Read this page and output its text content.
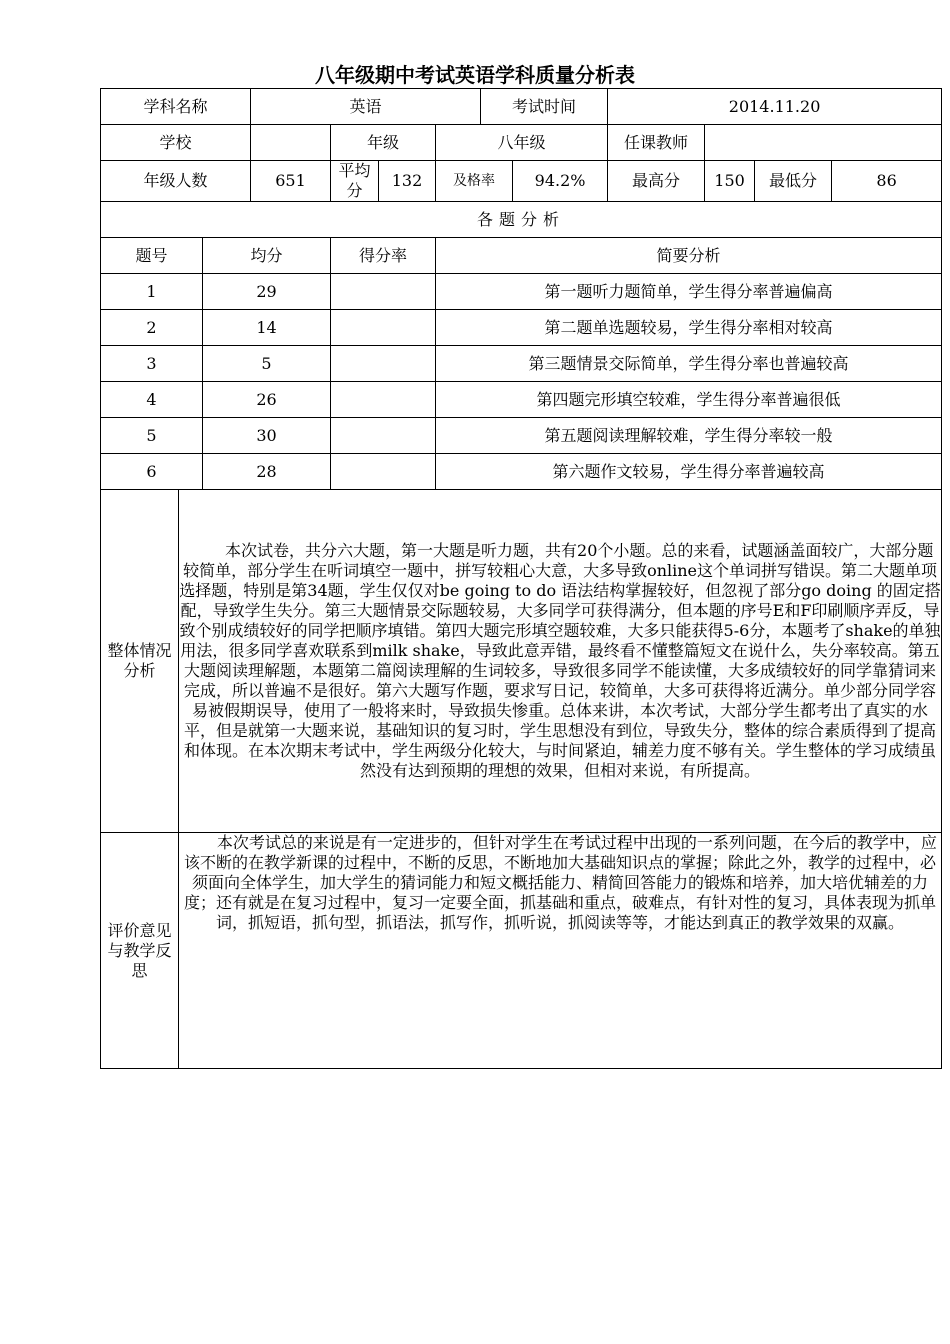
八年级期中考试英语学科质量分析表
学科名称			英语				考试时间		2014.11.20			
学校				年级		八年级			任课教师			
年级人数			651	平均分	132	及格率		94.2%	最高分	150	最低分	86
各题分析												
题号		均分		得分率		简要分析						
1		29				第一题听力题简单，学生得分率普遍偏高						
2		14				第二题单选题较易，学生得分率相对较高						
3		5				第三题情景交际简单，学生得分率也普遍较高						
4		26				第四题完形填空较难，学生得分率普遍很低						
5		30				第五题阅读理解较难，学生得分率较一般						
6		28				第六题作文较易，学生得分率普遍较高						
整体情况分析	本次试卷，共分六大题，第一大题是听力题，共有20个小题。总的来看，试题涵盖面较广，大部分题较简单，部分学生在听词填空一题中，拼写较粗心大意，大多导致online这个单词拼写错误。第二大题单项选择题，特别是第34题，学生仅仅对be going to do 语法结构掌握较好，但忽视了部分go doing 的固定搭配，导致学生失分。第三大题情景交际题较易，大多同学可获得满分，但本题的序号E和F印刷顺序弄反，导致个别成绩较好的同学把顺序填错。第四大题完形填空题较难，大多只能获得5-6分，本题考了shake的单独用法，很多同学喜欢联系到milk shake，导致此意弄错，最终看不懂整篇短文在说什么，失分率较高。第五大题阅读理解题，本题第二篇阅读理解的生词较多，导致很多同学不能读懂，大多成绩较好的同学靠猜词来完成，所以普遍不是很好。第六大题写作题，要求写日记，较简单，大多可获得将近满分。单少部分同学容易被假期误导，使用了一般将来时，导致损失惨重。总体来讲，本次考试，大部分学生都考出了真实的水平，但是就第一大题来说，基础知识的复习时，学生思想没有到位，导致失分，整体的综合素质得到了提高和体现。在本次期末考试中，学生两级分化较大，与时间紧迫，辅差力度不够有关。学生整体的学习成绩虽然没有达到预期的理想的效果，但相对来说，有所提高。											
评价意见与教学反思	本次考试总的来说是有一定进步的，但针对学生在考试过程中出现的一系列问题，在今后的教学中，应该不断的在教学新课的过程中，不断的反思，不断地加大基础知识点的掌握；除此之外，教学的过程中，必须面向全体学生，加大学生的猜词能力和短文概括能力、精简回答能力的锻炼和培养，加大培优辅差的力度；还有就是在复习过程中，复习一定要全面，抓基础和重点，破难点，有针对性的复习，具体表现为抓单词，抓短语，抓句型，抓语法，抓写作，抓听说，抓阅读等等，才能达到真正的教学效果的双赢。											
